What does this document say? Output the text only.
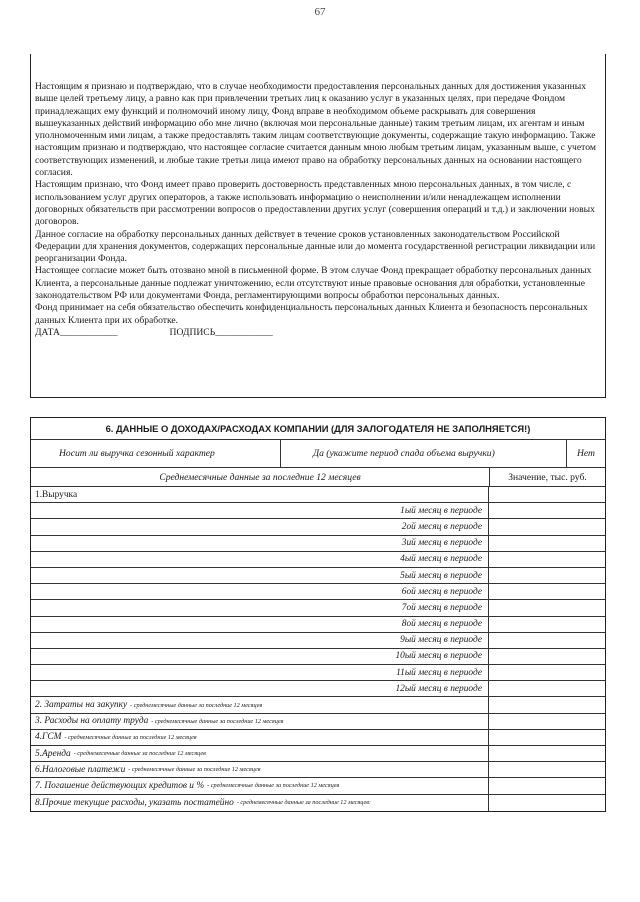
67

Настоящим я признаю и подтверждаю, что в случае необходимости предоставления персональных данных для достижения указанных выше целей третьему лицу, а равно как при привлечении третьих лиц к оказанию услуг в указанных целях, при передаче Фондом принадлежащих ему функций и полномочий иному лицу, Фонд вправе в необходимом объеме раскрывать для совершения вышеуказанных действий информацию обо мне лично (включая мои персональные данные) таким третьим лицам, их агентам и иным уполномоченным ими лицам, а также предоставлять таким лицам соответствующие документы, содержащие такую информацию. Также настоящим признаю и подтверждаю, что настоящее согласие считается данным мною любым третьим лицам, указанным выше, с учетом соответствующих изменений, и любые такие третьи лица имеют право на обработку персональных данных на основании настоящего согласия.

Настоящим признаю, что Фонд имеет право проверить достоверность представленных мною персональных данных, в том числе, с использованием услуг других операторов, а также использовать информацию о неисполнении и/или ненадлежащем исполнении договорных обязательств при рассмотрении вопросов о предоставлении других услуг (совершения операций и т.д.) и заключении новых договоров.

Данное согласие на обработку персональных данных действует в течение сроков установленных законодательством Российской Федерации для хранения документов, содержащих персональные данные или до момента государственной регистрации ликвидации или реорганизации Фонда.

Настоящее согласие может быть отозвано мной в письменной форме. В этом случае Фонд прекращает обработку персональных данных Клиента, а персональные данные подлежат уничтожению, если отсутствуют иные правовые основания для обработки, установленные законодательством РФ или документами Фонда, регламентирующими вопросы обработки персональных данных.

Фонд принимает на себя обязательство обеспечить конфиденциальность персональных данных Клиента и безопасность персональных данных Клиента при их обработке.

ДАТА____________	ПОДПИСЬ____________
6. ДАННЫЕ О ДОХОДАХ/РАСХОДАХ КОМПАНИИ (ДЛЯ ЗАЛОГОДАТЕЛЯ НЕ ЗАПОЛНЯЕТСЯ!)
Носит ли выручка сезонный характер	Да (укажите период спада объема выручки)	Нет
Среднемесячные данные за последние 12 месяцев	Значение, тыс. руб.
1.Выручка
1ый месяц в периоде
2ой месяц в периоде
3ий месяц в периоде
4ый месяц в периоде
5ый месяц в периоде
6ой месяц в периоде
7ой месяц в периоде
8ой месяц в периоде
9ый месяц в периоде
10ый месяц в периоде
11ый месяц в периоде
12ый месяц в периоде
2. Затраты на закупку - среднемесячные данные за последние 12 месяцев
3. Расходы на оплату труда - среднемесячные данные за последние 12 месяцев
4.ГСМ - среднемесячные данные за последние 12 месяцев
5.Аренда - среднемесячные данные за последние 12 месяцев
6.Налоговые платежи - среднемесячные данные за последние 12 месяцев
7. Погашение действующих кредитов и % - среднемесячные данные за последние 12 месяцев
8.Прочие текущие расходы, указать постатейно - среднемесячные данные за последние 12 месяцев:
